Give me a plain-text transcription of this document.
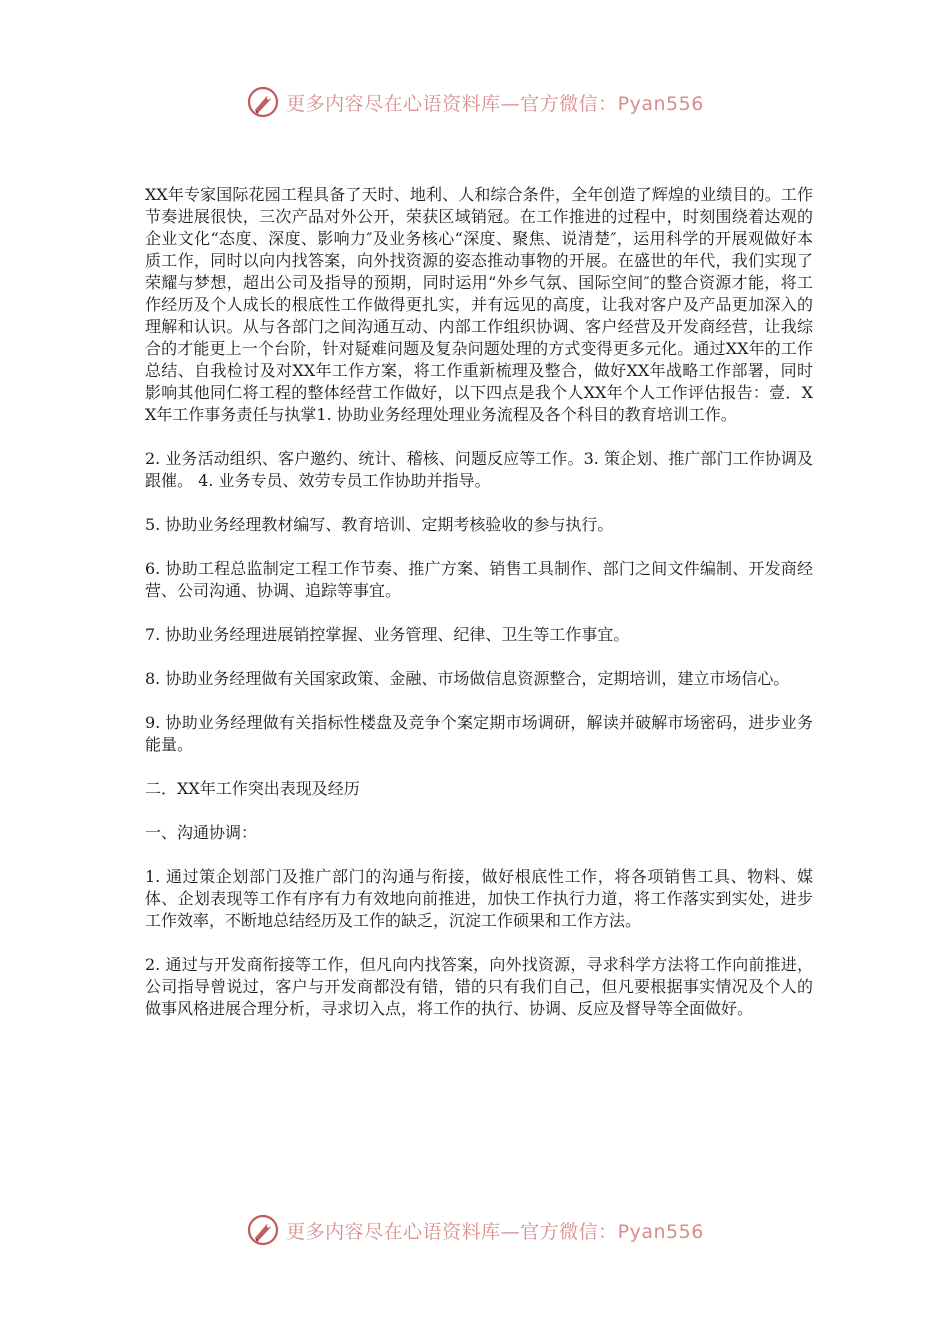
更多内容尽在心语资料库—官方微信：Pyan556

XX年专家国际花园工程具备了天时、地利、人和综合条件，全年创造了辉煌的业绩目的。工作节奏进展很快，三次产品对外公开，荣获区域销冠。在工作推进的过程中，时刻围绕着达观的企业文化“态度、深度、影响力″及业务核心“深度、聚焦、说清楚″，运用科学的开展观做好本质工作，同时以向内找答案，向外找资源的姿态推动事物的开展。在盛世的年代，我们实现了荣耀与梦想，超出公司及指导的预期，同时运用“外乡气氛、国际空间″的整合资源才能，将工作经历及个人成长的根底性工作做得更扎实，并有远见的高度，让我对客户及产品更加深入的理解和认识。从与各部门之间沟通互动、内部工作组织协调、客户经营及开发商经营，让我综合的才能更上一个台阶，针对疑难问题及复杂问题处理的方式变得更多元化。通过XX年的工作总结、自我检讨及对XX年工作方案，将工作重新梳理及整合，做好XX年战略工作部署，同时影响其他同仁将工程的整体经营工作做好，以下四点是我个人XX年个人工作评估报告：壹．XX年工作事务责任与执掌1. 协助业务经理处理业务流程及各个科目的教育培训工作。

2. 业务活动组织、客户邀约、统计、稽核、问题反应等工作。3. 策企划、推广部门工作协调及跟催。 4. 业务专员、效劳专员工作协助并指导。

5. 协助业务经理教材编写、教育培训、定期考核验收的参与执行。

6. 协助工程总监制定工程工作节奏、推广方案、销售工具制作、部门之间文件编制、开发商经营、公司沟通、协调、追踪等事宜。

7. 协助业务经理进展销控掌握、业务管理、纪律、卫生等工作事宜。

8. 协助业务经理做有关国家政策、金融、市场做信息资源整合，定期培训，建立市场信心。

9. 协助业务经理做有关指标性楼盘及竞争个案定期市场调研，解读并破解市场密码，进步业务能量。

二．XX年工作突出表现及经历

一、沟通协调：

1. 通过策企划部门及推广部门的沟通与衔接，做好根底性工作，将各项销售工具、物料、媒体、企划表现等工作有序有力有效地向前推进，加快工作执行力道，将工作落实到实处，进步工作效率，不断地总结经历及工作的缺乏，沉淀工作硕果和工作方法。

2. 通过与开发商衔接等工作，但凡向内找答案，向外找资源，寻求科学方法将工作向前推进，公司指导曾说过，客户与开发商都没有错，错的只有我们自己，但凡要根据事实情况及个人的做事风格进展合理分析，寻求切入点，将工作的执行、协调、反应及督导等全面做好。

更多内容尽在心语资料库—官方微信：Pyan556
